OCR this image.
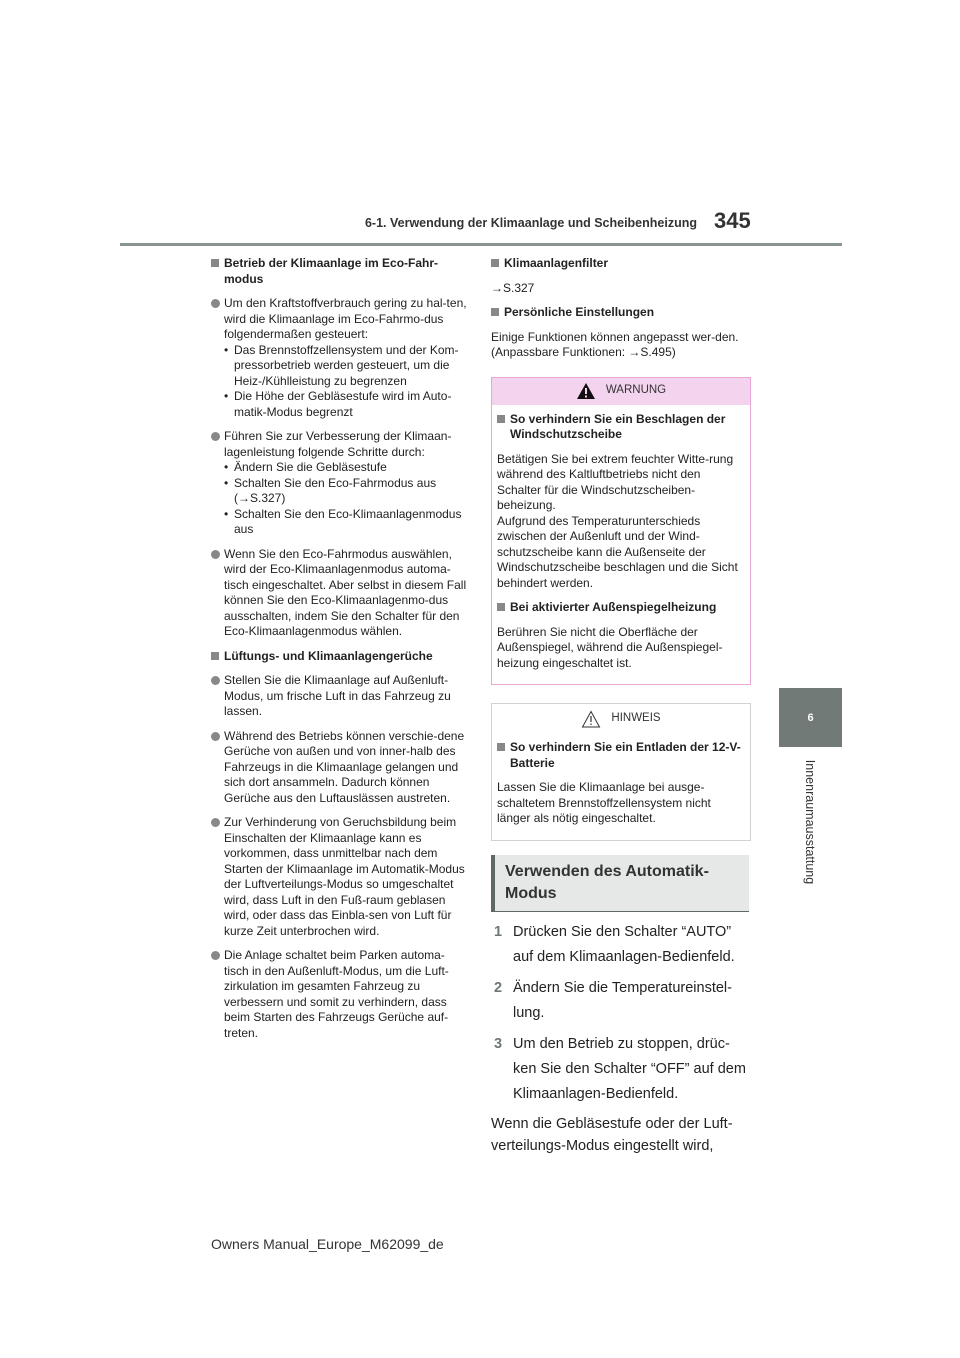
6-1. Verwendung der Klimaanlage und Scheibenheizung 345
6
Innenraumausstattung
Betrieb der Klimaanlage im Eco-Fahr-modus
Um den Kraftstoffverbrauch gering zu hal-ten, wird die Klimaanlage im Eco-Fahrmo-dus folgendermaßen gesteuert:
• Das Brennstoffzellensystem und der Kom-pressorbetrieb werden gesteuert, um die Heiz-/Kühlleistung zu begrenzen
• Die Höhe der Gebläsestufe wird im Auto-matik-Modus begrenzt
Führen Sie zur Verbesserung der Klimaan-lagenleistung folgende Schritte durch:
• Ändern Sie die Gebläsestufe
• Schalten Sie den Eco-Fahrmodus aus (→S.327)
• Schalten Sie den Eco-Klimaanlagenmodus aus
Wenn Sie den Eco-Fahrmodus auswählen, wird der Eco-Klimaanlagenmodus automa-tisch eingeschaltet. Aber selbst in diesem Fall können Sie den Eco-Klimaanlagenmo-dus ausschalten, indem Sie den Schalter für den Eco-Klimaanlagenmodus wählen.
Lüftungs- und Klimaanlagengerüche
Stellen Sie die Klimaanlage auf Außenluft-Modus, um frische Luft in das Fahrzeug zu lassen.
Während des Betriebs können verschie-dene Gerüche von außen und von inner-halb des Fahrzeugs in die Klimaanlage gelangen und sich dort ansammeln. Dadurch können Gerüche aus den Luftauslässen austreten.
Zur Verhinderung von Geruchsbildung beim Einschalten der Klimaanlage kann es vorkommen, dass unmittelbar nach dem Starten der Klimaanlage im Automatik-Modus der Luftverteilungs-Modus so umgeschaltet wird, dass Luft in den Fuß-raum geblasen wird, oder dass das Einbla-sen von Luft für kurze Zeit unterbrochen wird.
Die Anlage schaltet beim Parken automa-tisch in den Außenluft-Modus, um die Luft-zirkulation im gesamten Fahrzeug zu verbessern und somit zu verhindern, dass beim Starten des Fahrzeugs Gerüche auf-treten.
Klimaanlagenfilter
→S.327
Persönliche Einstellungen
Einige Funktionen können angepasst wer-den.
(Anpassbare Funktionen: →S.495)
WARNUNG
So verhindern Sie ein Beschlagen der Windschutzscheibe
Betätigen Sie bei extrem feuchter Witte-rung während des Kaltluftbetriebs nicht den Schalter für die Windschutzscheiben-beheizung.
Aufgrund des Temperaturunterschieds zwischen der Außenluft und der Wind-schutzscheibe kann die Außenseite der Windschutzscheibe beschlagen und die Sicht behindert werden.
Bei aktivierter Außenspiegelheizung
Berühren Sie nicht die Oberfläche der Außenspiegel, während die Außenspiegel-heizung eingeschaltet ist.
HINWEIS
So verhindern Sie ein Entladen der 12-V-Batterie
Lassen Sie die Klimaanlage bei ausge-schaltetem Brennstoffzellensystem nicht länger als nötig eingeschaltet.
Verwenden des Automatik-Modus
1 Drücken Sie den Schalter “AUTO” auf dem Klimaanlagen-Bedienfeld.
2 Ändern Sie die Temperatureinstel-lung.
3 Um den Betrieb zu stoppen, drüc-ken Sie den Schalter “OFF” auf dem Klimaanlagen-Bedienfeld.
Wenn die Gebläsestufe oder der Luft-verteilungs-Modus eingestellt wird,
Owners Manual_Europe_M62099_de
